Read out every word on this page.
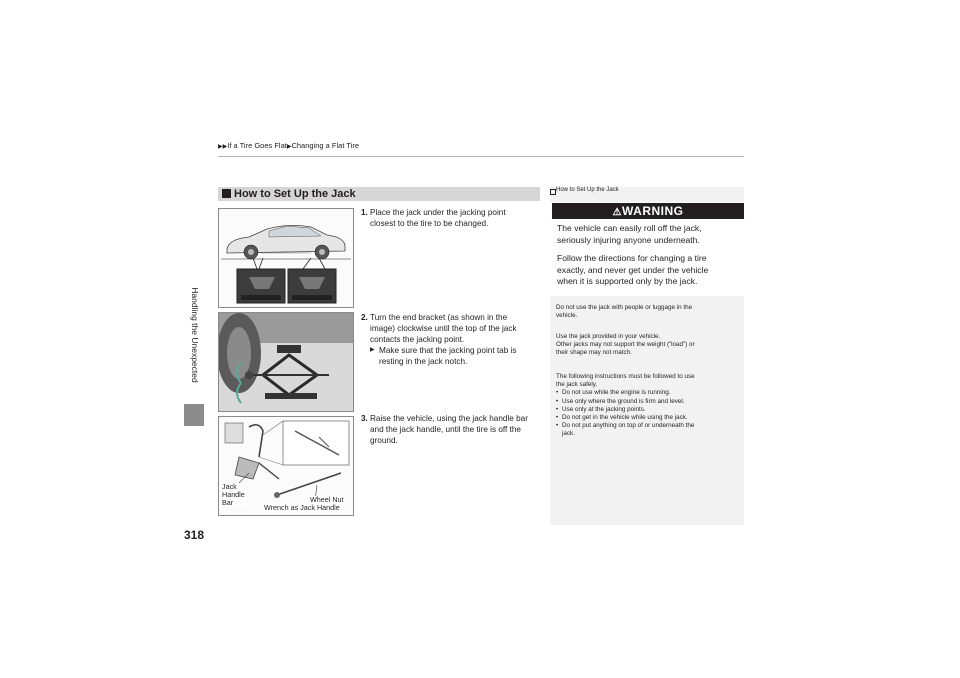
▶▶If a Tire Goes Flat▶Changing a Flat Tire
Handling the Unexpected
318
How to Set Up the Jack
Jack
Handle
Bar	Wheel Nut
Wrench as Jack Handle
1. Place the jack under the jacking point
closest to the tire to be changed.
2. Turn the end bracket (as shown in the
image) clockwise until the top of the jack
contacts the jacking point.
▶ Make sure that the jacking point tab is
resting in the jack notch.
3. Raise the vehicle, using the jack handle bar
and the jack handle, until the tire is off the
ground.
How to Set Up the Jack
⚠WARNING
The vehicle can easily roll off the jack,
seriously injuring anyone underneath.
Follow the directions for changing a tire
exactly, and never get under the vehicle
when it is supported only by the jack.
Do not use the jack with people or luggage in the
vehicle.
Use the jack provided in your vehicle.
Other jacks may not support the weight (“load”) or
their shape may not match.
The following instructions must be followed to use
the jack safely.
• Do not use while the engine is running.
• Use only where the ground is firm and level.
• Use only at the jacking points.
• Do not get in the vehicle while using the jack.
• Do not put anything on top of or underneath the
jack.
